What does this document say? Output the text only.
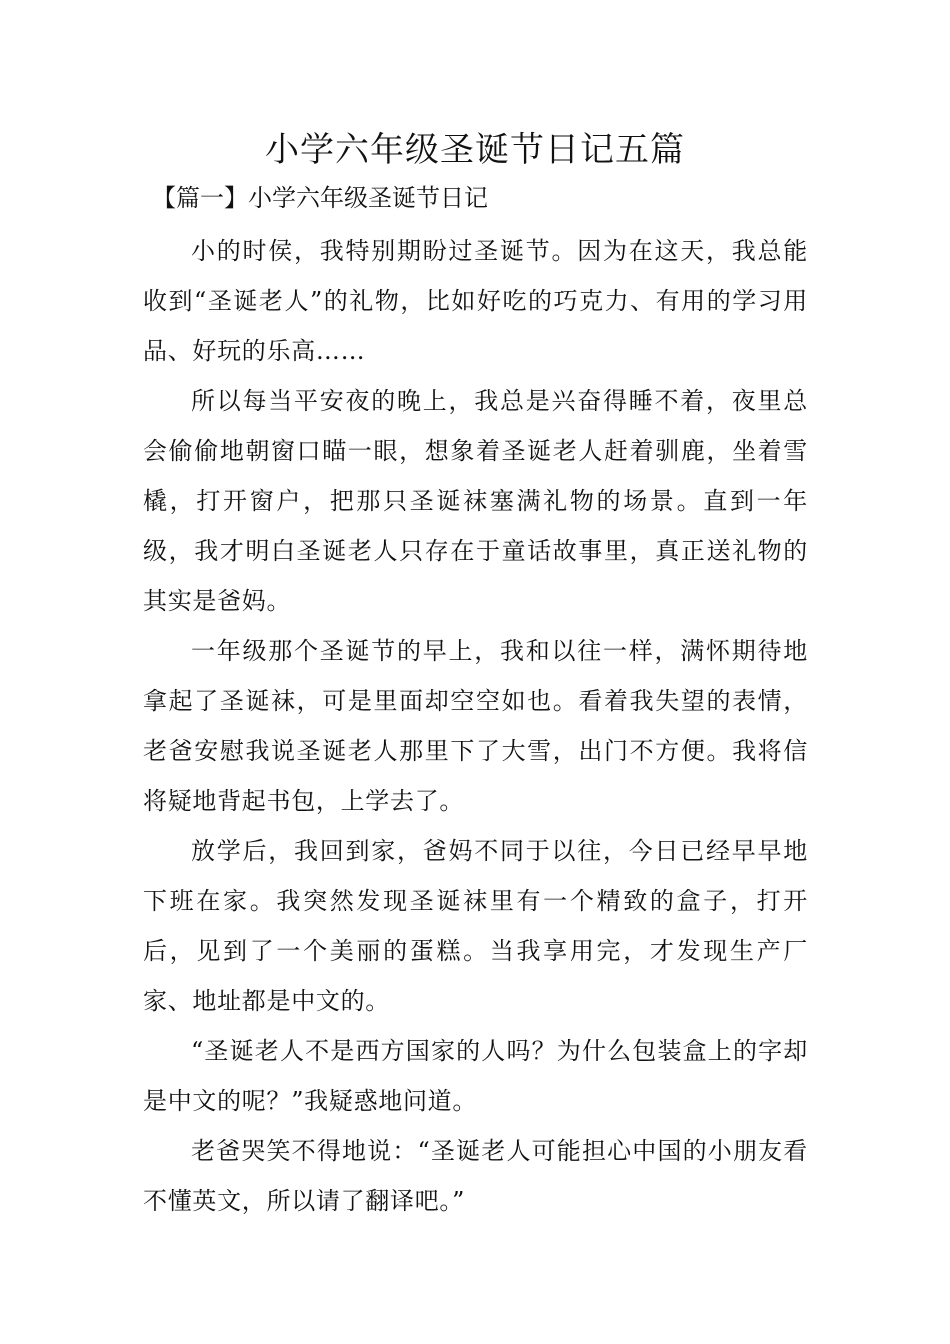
小学六年级圣诞节日记五篇

【篇一】小学六年级圣诞节日记

小的时侯，我特别期盼过圣诞节。因为在这天，我总能收到“圣诞老人”的礼物，比如好吃的巧克力、有用的学习用品、好玩的乐高……

所以每当平安夜的晚上，我总是兴奋得睡不着，夜里总会偷偷地朝窗口瞄一眼，想象着圣诞老人赶着驯鹿，坐着雪橇，打开窗户，把那只圣诞袜塞满礼物的场景。直到一年级，我才明白圣诞老人只存在于童话故事里，真正送礼物的其实是爸妈。

一年级那个圣诞节的早上，我和以往一样，满怀期待地拿起了圣诞袜，可是里面却空空如也。看着我失望的表情，老爸安慰我说圣诞老人那里下了大雪，出门不方便。我将信将疑地背起书包，上学去了。

放学后，我回到家，爸妈不同于以往，今日已经早早地下班在家。我突然发现圣诞袜里有一个精致的盒子，打开后，见到了一个美丽的蛋糕。当我享用完，才发现生产厂家、地址都是中文的。

“圣诞老人不是西方国家的人吗？为什么包装盒上的字却是中文的呢？”我疑惑地问道。

老爸哭笑不得地说：“圣诞老人可能担心中国的小朋友看不懂英文，所以请了翻译吧。”
